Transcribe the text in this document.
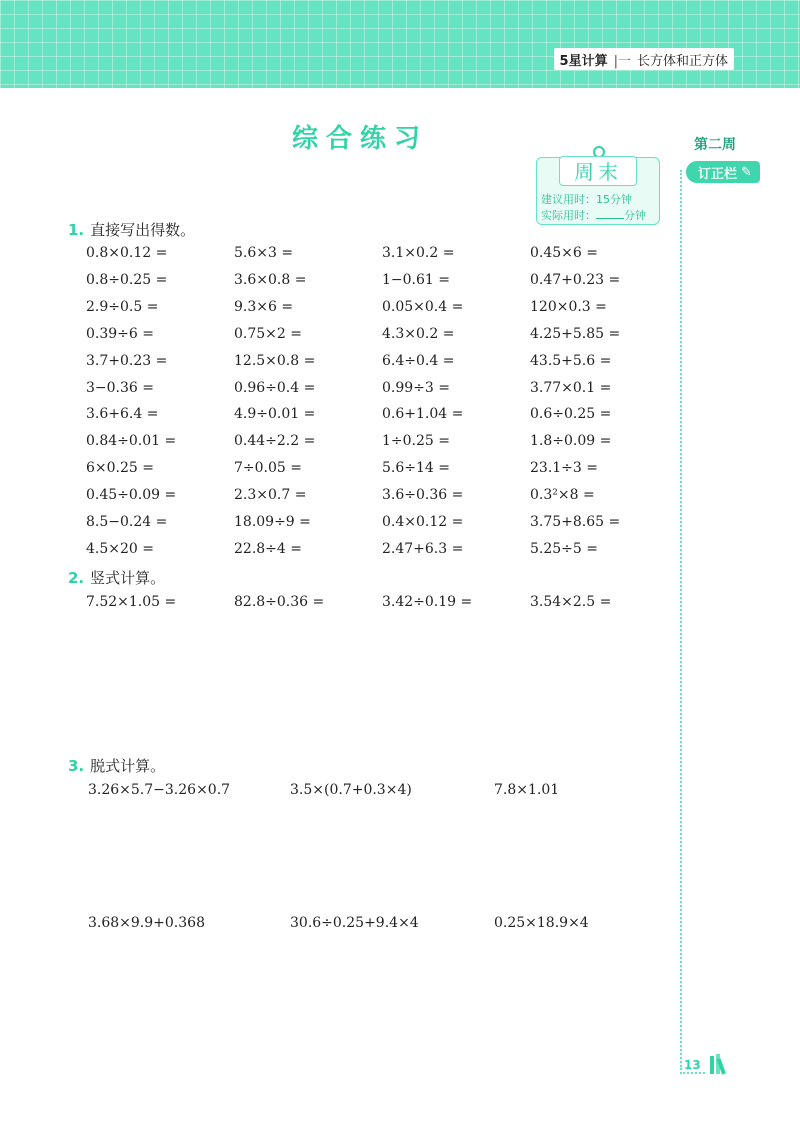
5星计算 |一 长方体和正方体
综合练习	第二周
订正栏 ✎
周末
建议用时：15分钟
实际用时：	分钟
1. 直接写出得数。
0.8×0.12 =	5.6×3 =	3.1×0.2 =	0.45×6 =
0.8÷0.25 =	3.6×0.8 =	1−0.61 =	0.47+0.23 =
2.9÷0.5 =	9.3×6 =	0.05×0.4 =	120×0.3 =
0.39÷6 =	0.75×2 =	4.3×0.2 =	4.25+5.85 =
3.7+0.23 =	12.5×0.8 =	6.4÷0.4 =	43.5+5.6 =
3−0.36 =	0.96÷0.4 =	0.99÷3 =	3.77×0.1 =
3.6+6.4 =	4.9÷0.01 =	0.6+1.04 =	0.6÷0.25 =
0.84÷0.01 =	0.44÷2.2 =	1÷0.25 =	1.8÷0.09 =
6×0.25 =	7÷0.05 =	5.6÷14 =	23.1÷3 =
0.45÷0.09 =	2.3×0.7 =	3.6÷0.36 =	0.3²×8 =
8.5−0.24 =	18.09÷9 =	0.4×0.12 =	3.75+8.65 =
4.5×20 =	22.8÷4 =	2.47+6.3 =	5.25÷5 =
2. 竖式计算。
7.52×1.05 =	82.8÷0.36 =	3.42÷0.19 =	3.54×2.5 =
3. 脱式计算。
3.26×5.7−3.26×0.7	3.5×(0.7+0.3×4)	7.8×1.01
3.68×9.9+0.368	30.6÷0.25+9.4×4	0.25×18.9×4
13
